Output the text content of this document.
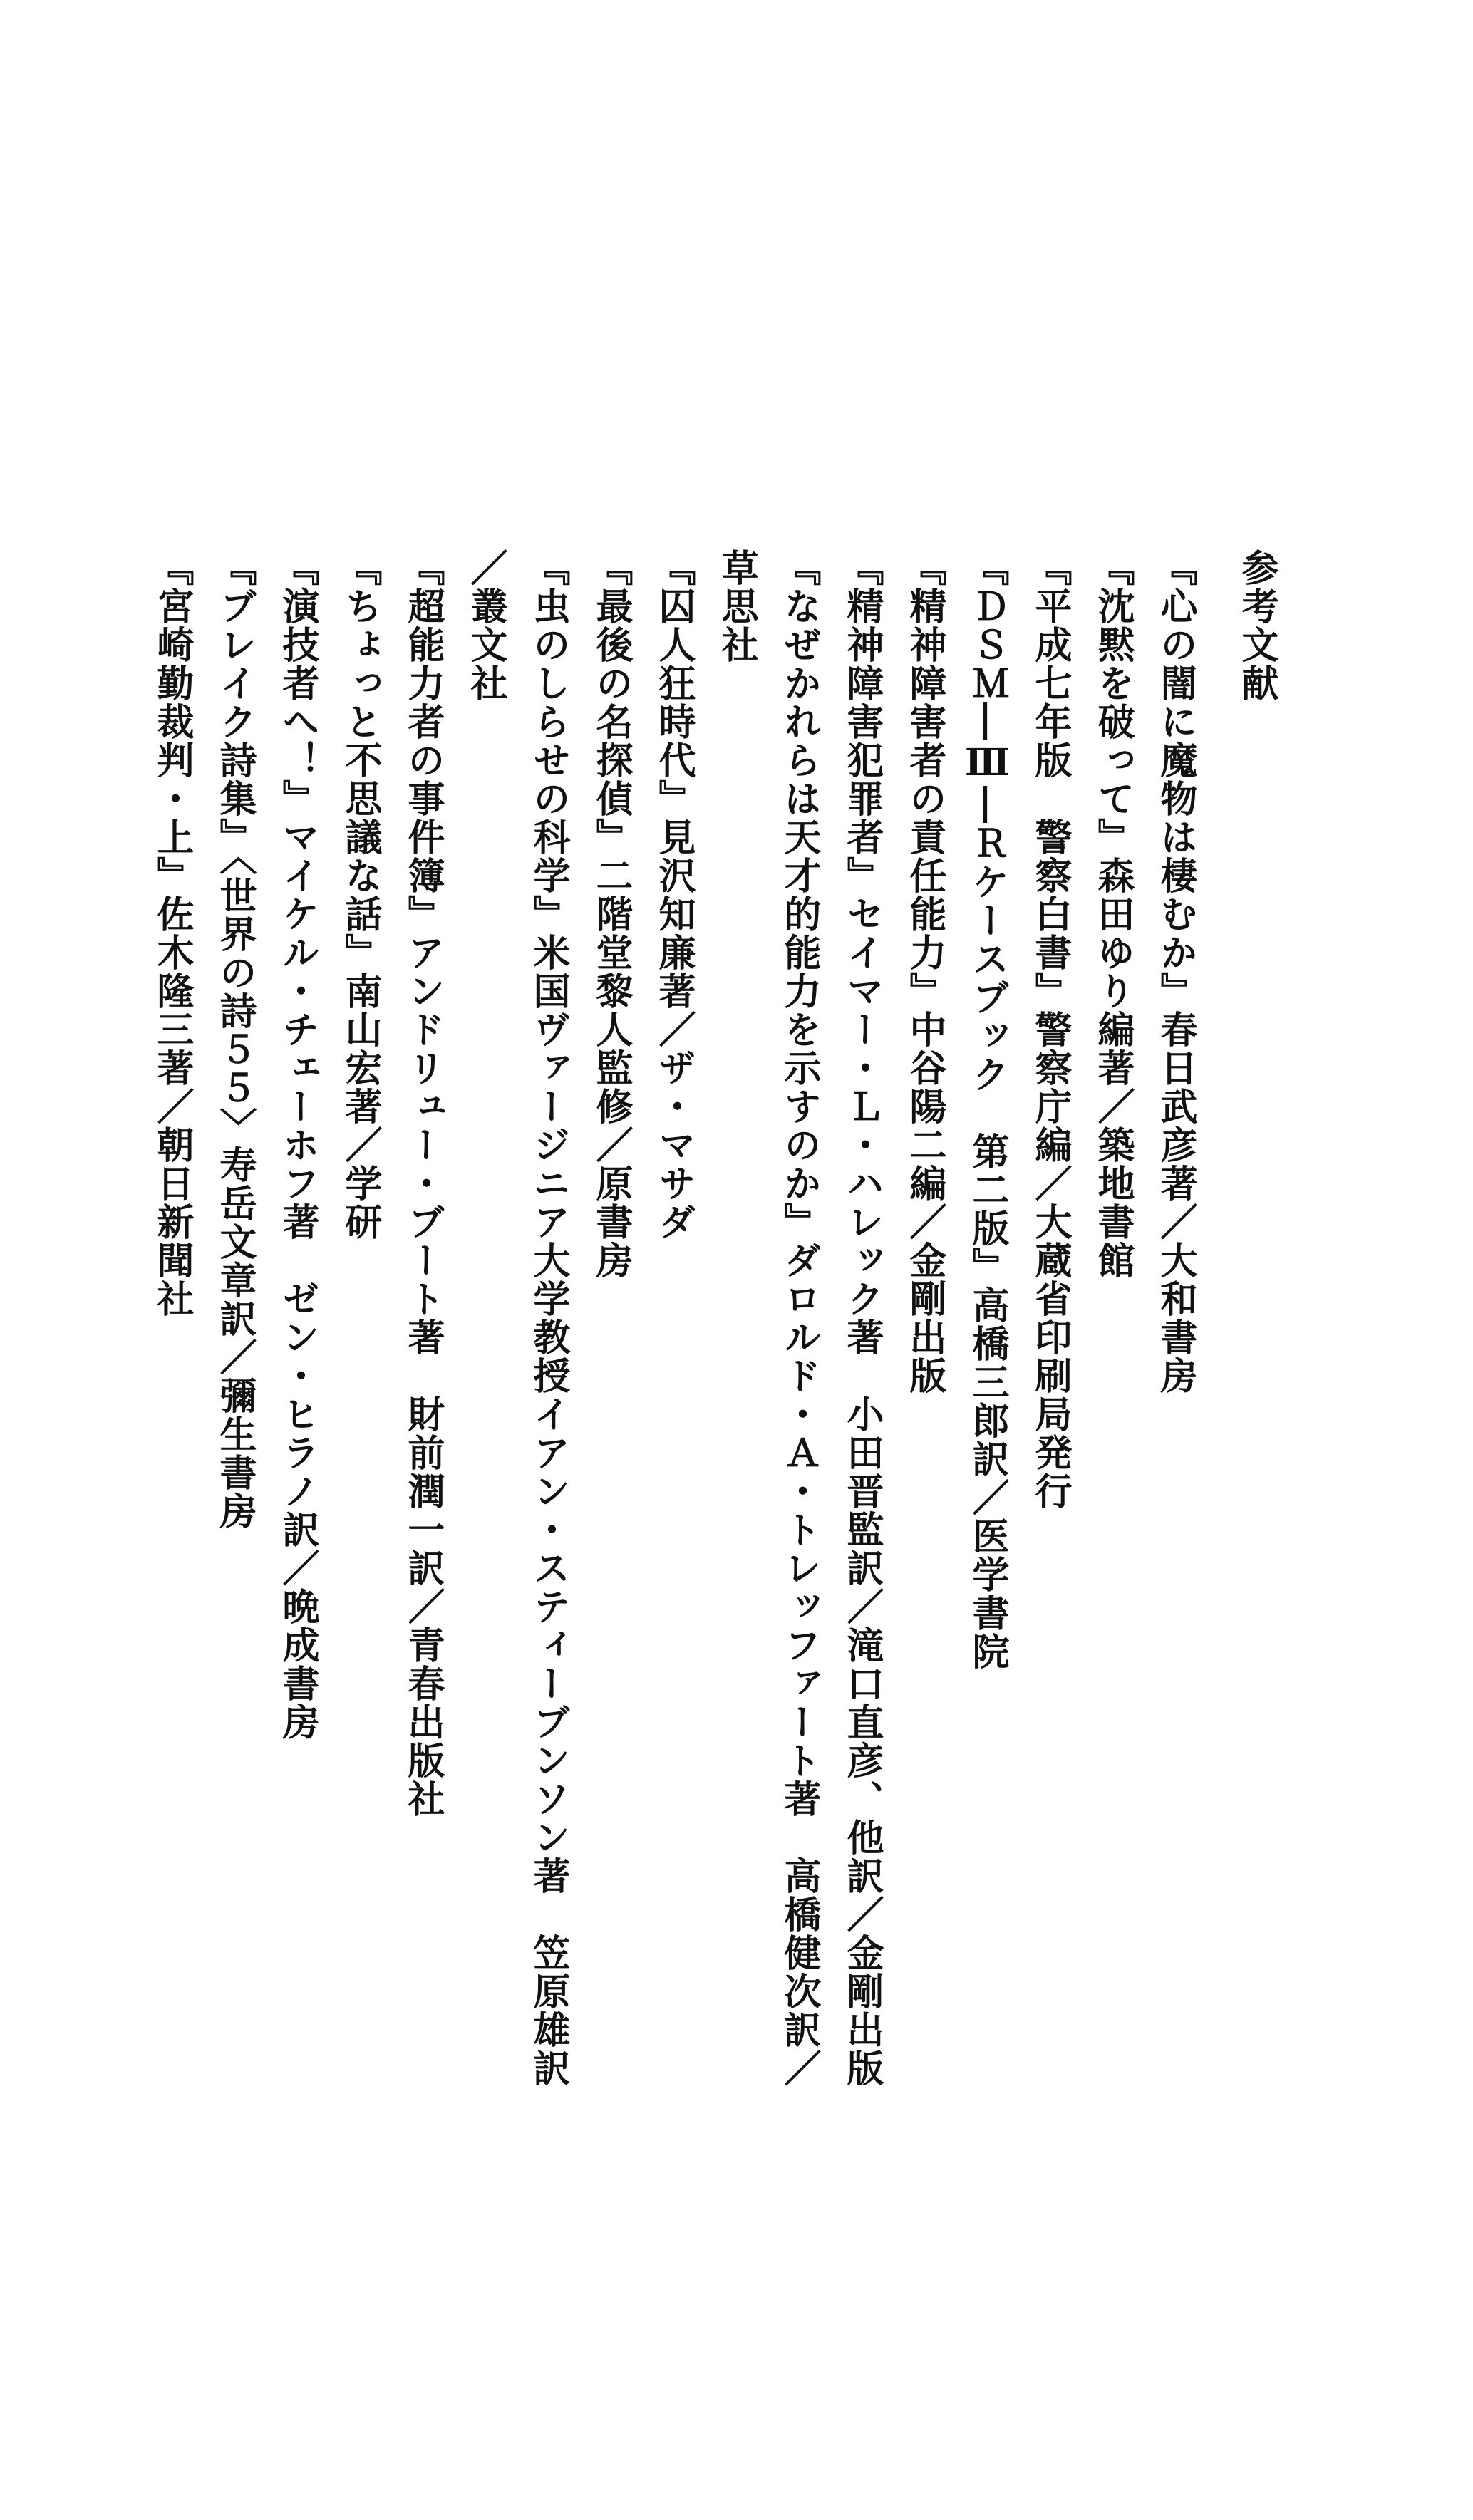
参考文献
『心の闇に魔物は棲むか』春日武彦著／大和書房
『沈黙を破って』森田ゆり編著／築地書館
『平成七年版　警察白書』警察庁編／大蔵省印刷局発行
『ＤＳＭ―Ⅲ―Ｒケースブック　第二版』高橋三郎訳／医学書院
『精神障害者の責任能力』中谷陽二編／金剛出版
『精神障害犯罪者』セイマー・Ｌ・ハレック著　小田晋監訳／滝口直彦、他訳／金剛出版
『なぜかれらは天才的能力を示すのか』ダロルド・Ａ・トレッファート著　高橋健次訳／草思社
『囚人狂時代』見沢知廉著／ザ・マサダ
『最後の名探偵』二階堂黎人監修／原書房
『虫のしらせの科学』米国ヴァージニア大学教授イアン・スティーブンソン著　笠原雄訳／叢文社
『超能力者の事件簿』アンドリュー・ブート著　財前潤一訳／青春出版社
『ちょっと不思議な話』南山宏著／学研
『演技者へ！』マイケル・チェーホフ著　ゼン・ヒラノ訳／晩成書房
『ブレイク詩集』〈世界の詩５５〉寿岳文章訳／彌生書房
『宮崎勤裁判・上』佐木隆三著／朝日新聞社
